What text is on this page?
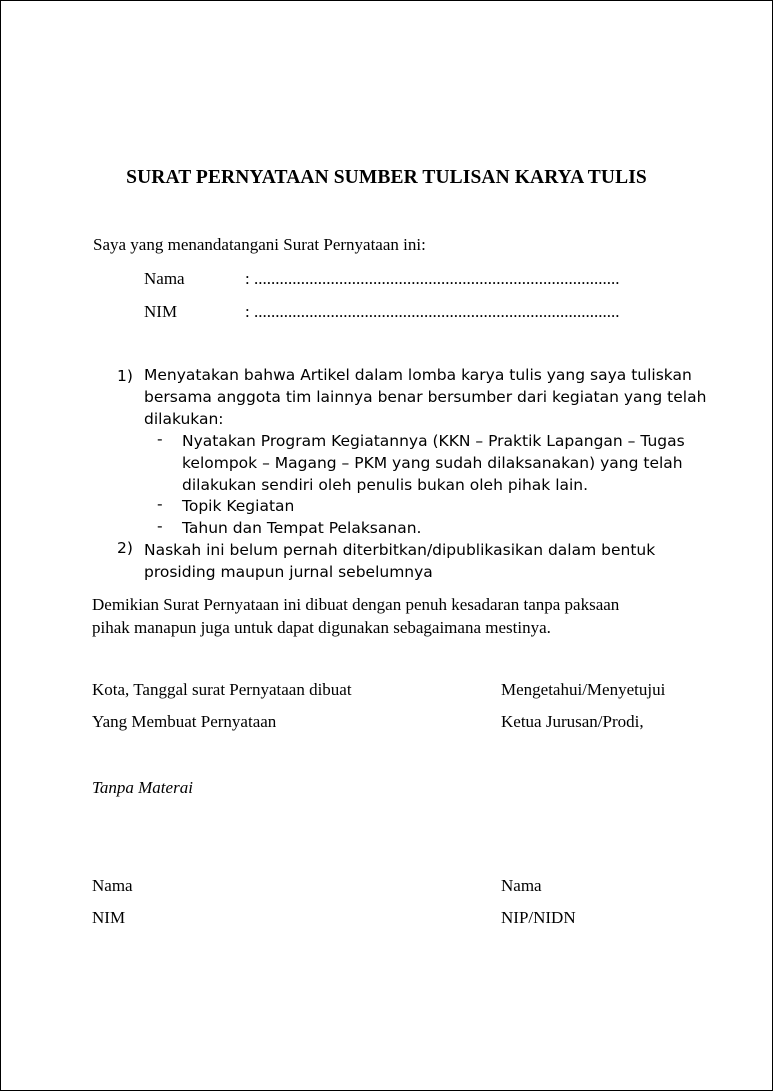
SURAT PERNYATAAN SUMBER TULISAN KARYA TULIS
Saya yang menandatangani Surat Pernyataan ini:
Nama	: ......................................................................................
NIM	: ......................................................................................
1) Menyatakan bahwa Artikel dalam lomba karya tulis yang saya tuliskan
bersama anggota tim lainnya benar bersumber dari kegiatan yang telah
dilakukan:
- Nyatakan Program Kegiatannya (KKN – Praktik Lapangan – Tugas
kelompok – Magang – PKM yang sudah dilaksanakan) yang telah
dilakukan sendiri oleh penulis bukan oleh pihak lain.
- Topik Kegiatan
- Tahun dan Tempat Pelaksanan.
2) Naskah ini belum pernah diterbitkan/dipublikasikan dalam bentuk
prosiding maupun jurnal sebelumnya
Demikian Surat Pernyataan ini dibuat dengan penuh kesadaran tanpa paksaan
pihak manapun juga untuk dapat digunakan sebagaimana mestinya.
Kota, Tanggal surat Pernyataan dibuat
Yang Membuat Pernyataan
Tanpa Materai
Nama
NIM
Mengetahui/Menyetujui
Ketua Jurusan/Prodi,
Nama
NIP/NIDN
